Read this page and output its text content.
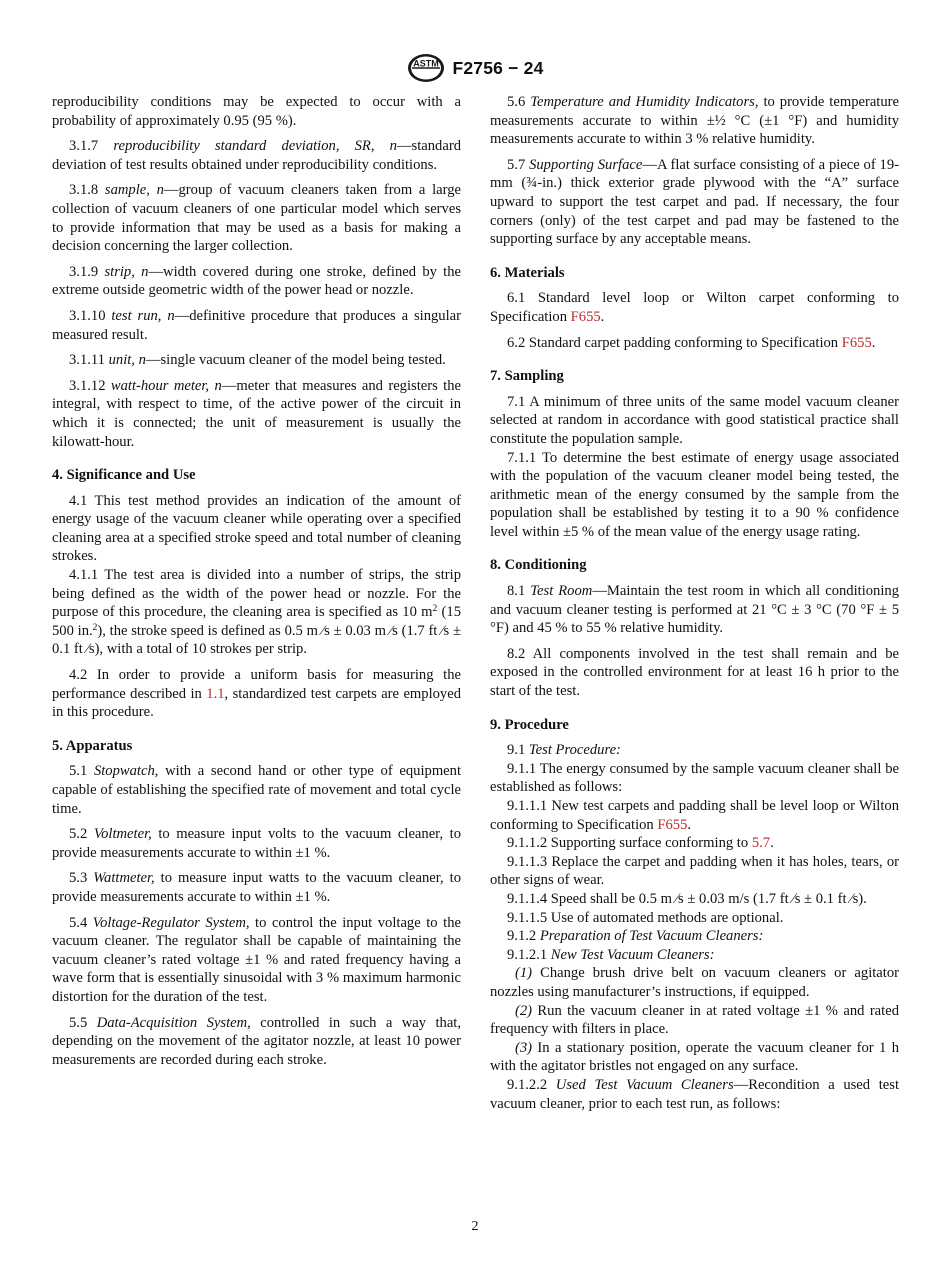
ASTM F2756 − 24

reproducibility conditions may be expected to occur with a probability of approximately 0.95 (95 %).

3.1.7 reproducibility standard deviation, SR, n—standard deviation of test results obtained under reproducibility conditions.

3.1.8 sample, n—group of vacuum cleaners taken from a large collection of vacuum cleaners of one particular model which serves to provide information that may be used as a basis for making a decision concerning the larger collection.

3.1.9 strip, n—width covered during one stroke, defined by the extreme outside geometric width of the power head or nozzle.

3.1.10 test run, n—definitive procedure that produces a singular measured result.

3.1.11 unit, n—single vacuum cleaner of the model being tested.

3.1.12 watt-hour meter, n—meter that measures and registers the integral, with respect to time, of the active power of the circuit in which it is connected; the unit of measurement is usually the kilowatt-hour.

4. Significance and Use

4.1 This test method provides an indication of the amount of energy usage of the vacuum cleaner while operating over a specified cleaning area at a specified stroke speed and total number of cleaning strokes.

4.1.1 The test area is divided into a number of strips, the strip being defined as the width of the power head or nozzle. For the purpose of this procedure, the cleaning area is specified as 10 $m^2$ (15 500 in.$^2$), the stroke speed is defined as 0.5 m ⁄s ± 0.03 m ⁄s (1.7 ft ⁄s ± 0.1 ft ⁄s), with a total of 10 strokes per strip.

4.2 In order to provide a uniform basis for measuring the performance described in 1.1, standardized test carpets are employed in this procedure.

5. Apparatus

5.1 Stopwatch, with a second hand or other type of equipment capable of establishing the specified rate of movement and total cycle time.

5.2 Voltmeter, to measure input volts to the vacuum cleaner, to provide measurements accurate to within ±1 %.

5.3 Wattmeter, to measure input watts to the vacuum cleaner, to provide measurements accurate to within ±1 %.

5.4 Voltage-Regulator System, to control the input voltage to the vacuum cleaner. The regulator shall be capable of maintaining the vacuum cleaner’s rated voltage ±1 % and rated frequency having a wave form that is essentially sinusoidal with 3 % maximum harmonic distortion for the duration of the test.

5.5 Data-Acquisition System, controlled in such a way that, depending on the movement of the agitator nozzle, at least 10 power measurements are recorded during each stroke.

5.6 Temperature and Humidity Indicators, to provide temperature measurements accurate to within ±½ °C (±1 °F) and humidity measurements accurate to within 3 % relative humidity.

5.7 Supporting Surface—A flat surface consisting of a piece of 19-mm (¾-in.) thick exterior grade plywood with the “A” surface upward to support the test carpet and pad. If necessary, the four corners (only) of the test carpet and pad may be fastened to the supporting surface by any acceptable means.

6. Materials

6.1 Standard level loop or Wilton carpet conforming to Specification F655.

6.2 Standard carpet padding conforming to Specification F655.

7. Sampling

7.1 A minimum of three units of the same model vacuum cleaner selected at random in accordance with good statistical practice shall constitute the population sample.

7.1.1 To determine the best estimate of energy usage associated with the population of the vacuum cleaner model being tested, the arithmetic mean of the energy consumed by the sample from the population shall be established by testing it to a 90 % confidence level within ±5 % of the mean value of the energy usage rating.

8. Conditioning

8.1 Test Room—Maintain the test room in which all conditioning and vacuum cleaner testing is performed at 21 °C ± 3 °C (70 °F ± 5 °F) and 45 % to 55 % relative humidity.

8.2 All components involved in the test shall remain and be exposed in the controlled environment for at least 16 h prior to the start of the test.

9. Procedure

9.1 Test Procedure:

9.1.1 The energy consumed by the sample vacuum cleaner shall be established as follows:

9.1.1.1 New test carpets and padding shall be level loop or Wilton conforming to Specification F655.

9.1.1.2 Supporting surface conforming to 5.7.

9.1.1.3 Replace the carpet and padding when it has holes, tears, or other signs of wear.

9.1.1.4 Speed shall be 0.5 m ⁄s ± 0.03 m/s (1.7 ft ⁄s ± 0.1 ft ⁄s).

9.1.1.5 Use of automated methods are optional.

9.1.2 Preparation of Test Vacuum Cleaners:

9.1.2.1 New Test Vacuum Cleaners:

(1) Change brush drive belt on vacuum cleaners or agitator nozzles using manufacturer’s instructions, if equipped.

(2) Run the vacuum cleaner in at rated voltage ±1 % and rated frequency with filters in place.

(3) In a stationary position, operate the vacuum cleaner for 1 h with the agitator bristles not engaged on any surface.

9.1.2.2 Used Test Vacuum Cleaners—Recondition a used test vacuum cleaner, prior to each test run, as follows:

2
